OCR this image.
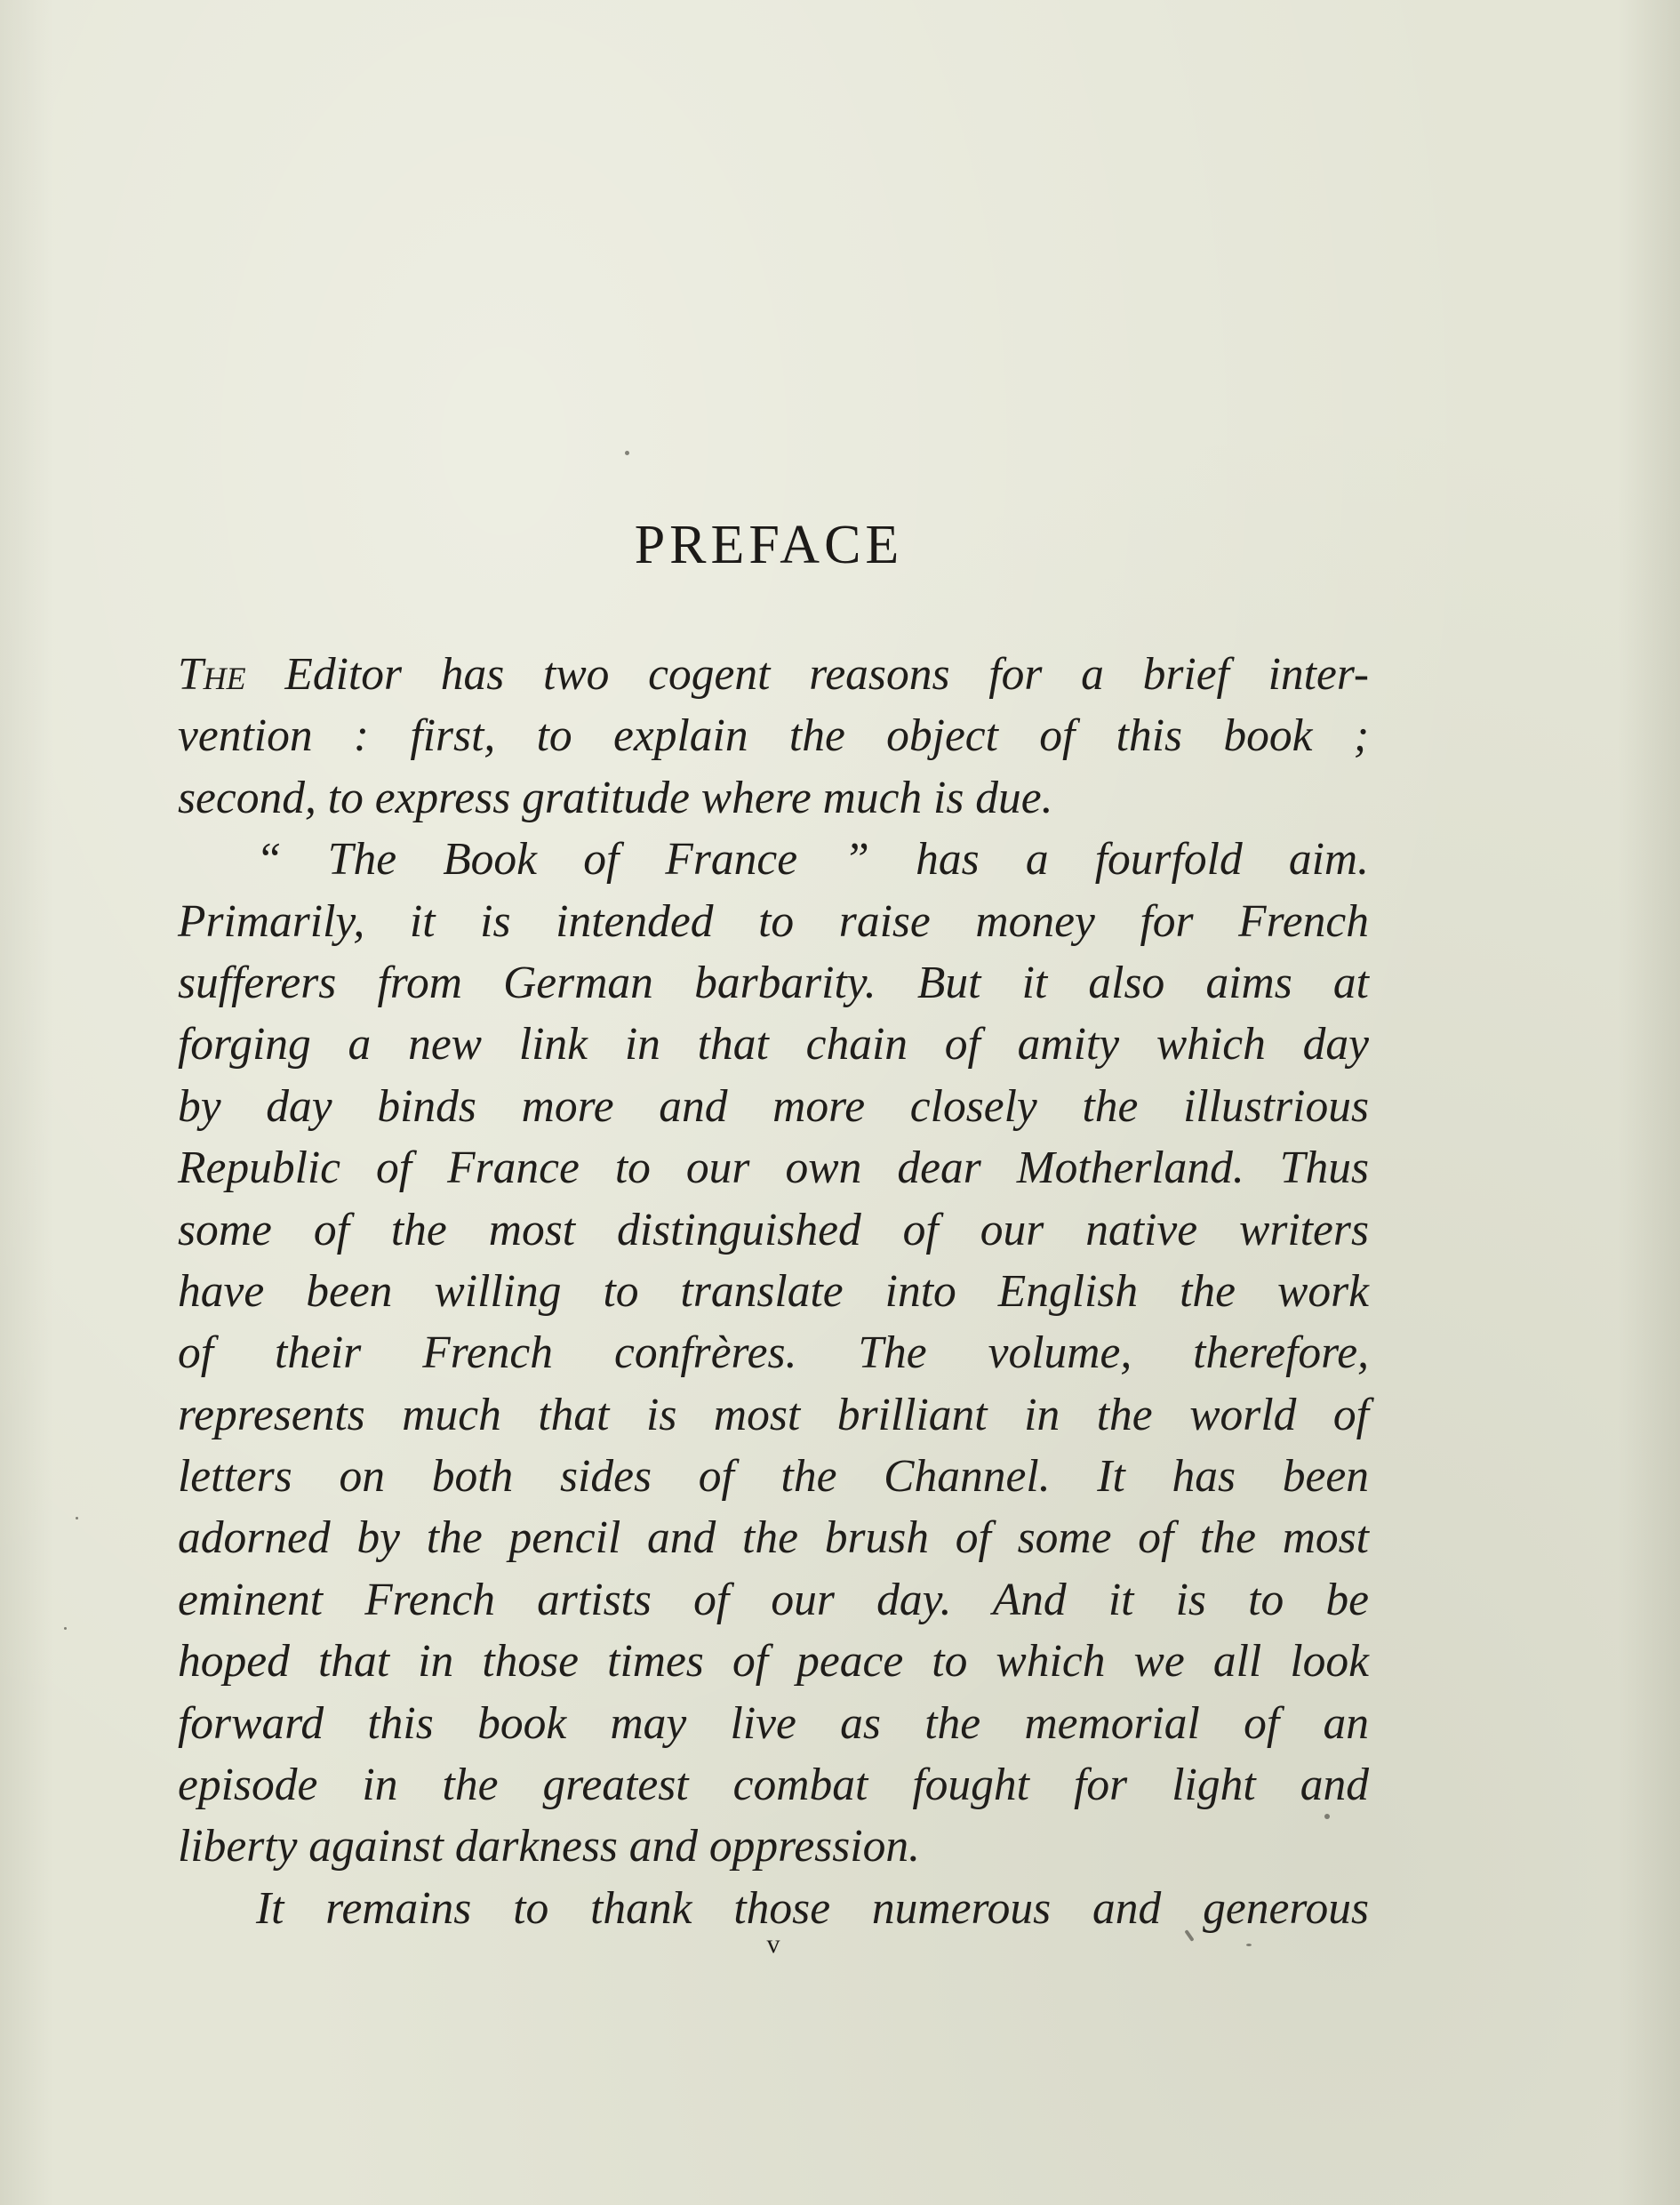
PREFACE
The Editor has two cogent reasons for a brief inter-
vention : first, to explain the object of this book ;
second, to express gratitude where much is due.
“ The Book of France ” has a fourfold aim.
Primarily, it is intended to raise money for French
sufferers from German barbarity. But it also aims at
forging a new link in that chain of amity which day
by day binds more and more closely the illustrious
Republic of France to our own dear Motherland. Thus
some of the most distinguished of our native writers
have been willing to translate into English the work
of their French confrères. The volume, therefore,
represents much that is most brilliant in the world of
letters on both sides of the Channel. It has been
adorned by the pencil and the brush of some of the most
eminent French artists of our day. And it is to be
hoped that in those times of peace to which we all look
forward this book may live as the memorial of an
episode in the greatest combat fought for light and
liberty against darkness and oppression.
It remains to thank those numerous and generous
v
